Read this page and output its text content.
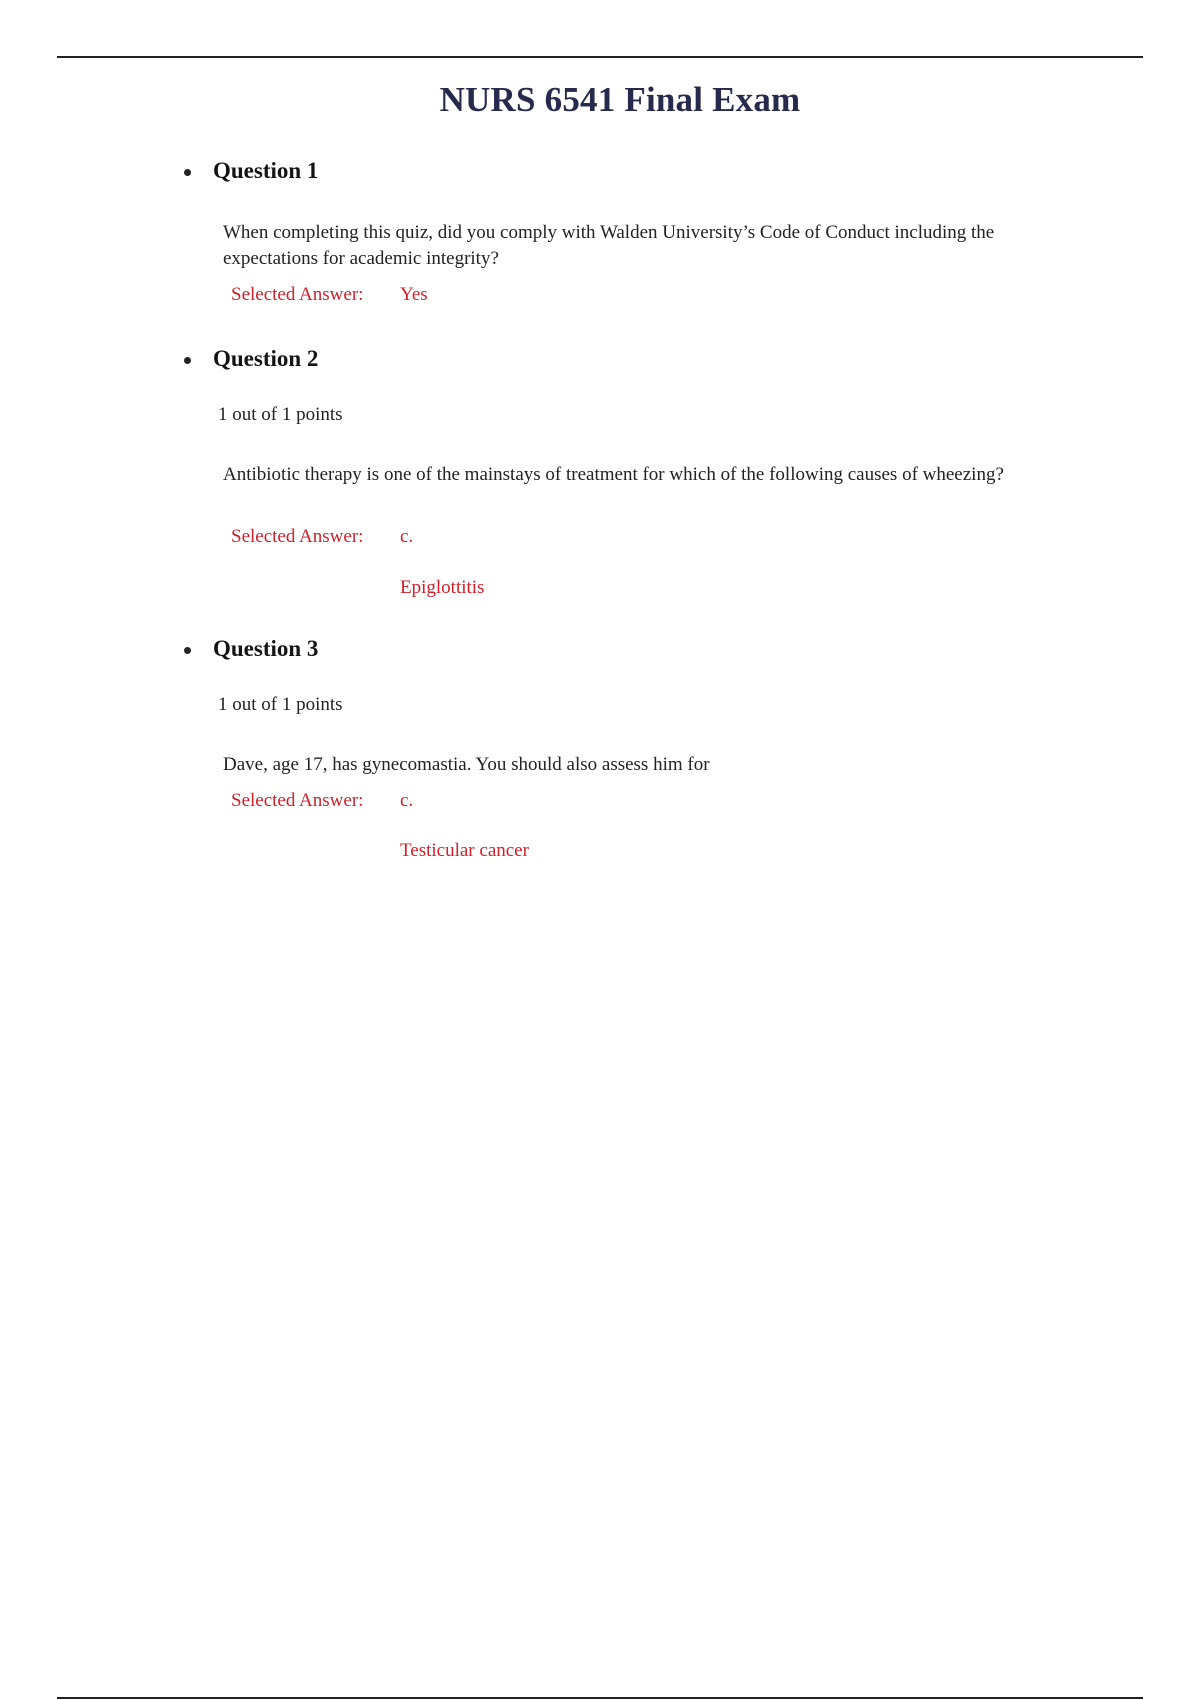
NURS 6541 Final Exam
Question 1
When completing this quiz, did you comply with Walden University’s Code of Conduct including the expectations for academic integrity?
Selected Answer: Yes
Question 2
1 out of 1 points
Antibiotic therapy is one of the mainstays of treatment for which of the following causes of wheezing?
Selected Answer: c.
Epiglottitis
Question 3
1 out of 1 points
Dave, age 17, has gynecomastia. You should also assess him for
Selected Answer: c.
Testicular cancer
